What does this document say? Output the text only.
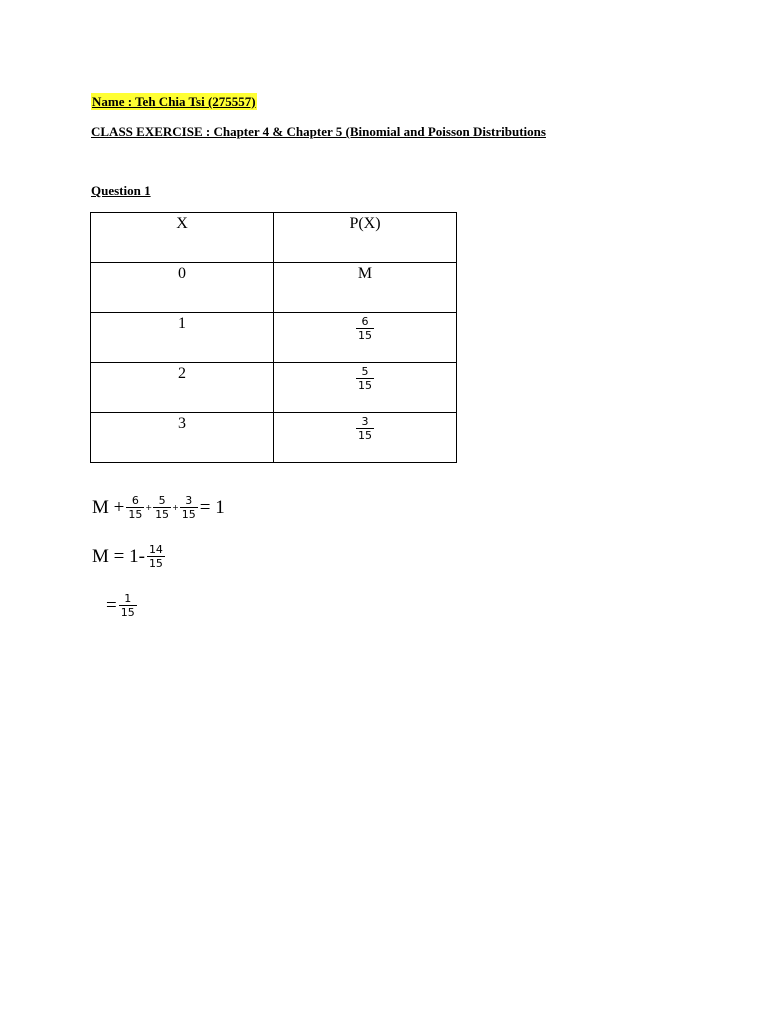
Name : Teh Chia Tsi (275557)
CLASS EXERCISE : Chapter 4 & Chapter 5 (Binomial and Poisson Distributions
Question 1
X	P(X)

0	M

1	$\frac{6}{15}$

2	$\frac{5}{15}$

3	$\frac{3}{15}$
$M + \frac{6}{15} + \frac{5}{15} + \frac{3}{15} = 1$
$M = 1- \frac{14}{15}$
= $\frac{1}{15}$
